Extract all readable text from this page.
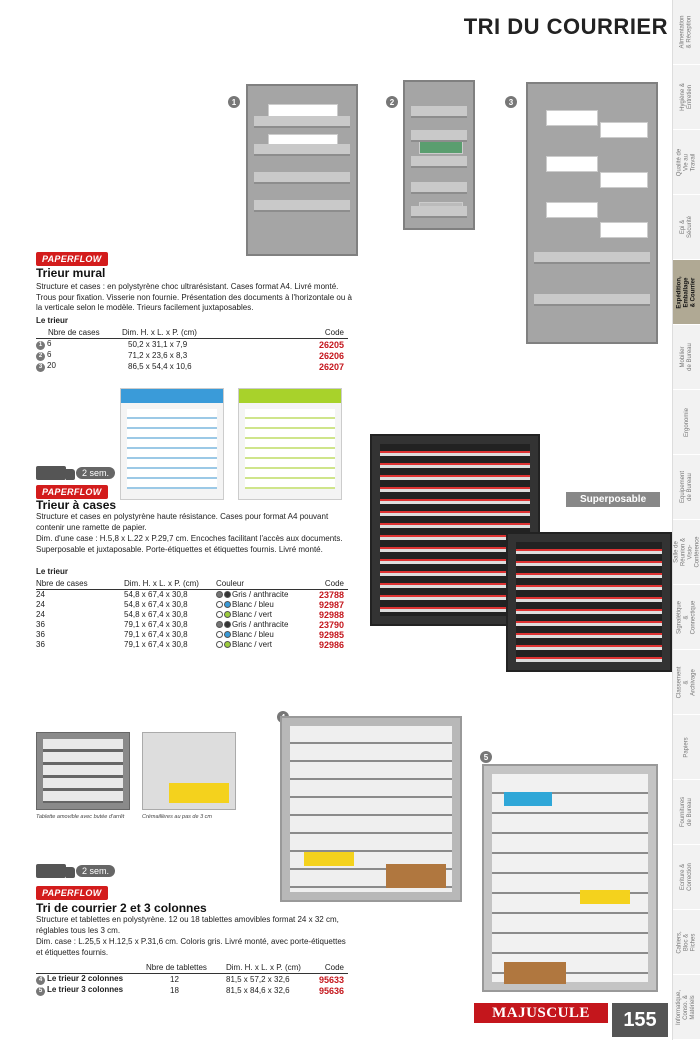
TRI DU COURRIER Alimentation & Réception
Hygiène & Entretien
Qualité de Vie au Travail
Epi & Sécurité
Expédition, Emballage & Courrier
Mobilier de Bureau
Ergonomie
Equipement de Bureau
Salle de Réunion & Visio-Conférence
Signalétique & Connectique
Classement & Archivage
Papiers
Fournitures de Bureau
Ecriture & Correction
Cahiers, Bloc & Fiches
Informatique, Conso. & Matériels
1	2	3
PAPERFLOW
Trieur mural
Structure et cases : en polystyrène choc ultrarésistant. Cases format A4. Livré monté. Trous pour fixation. Visserie non fournie. Présentation des documents à l'horizontale ou à la verticale selon le modèle. Trieurs facilement juxtaposables.
Le trieur
Nbre de cases	Dim. H. x L. x P. (cm)	Code
1 6	50,2 x 31,1 x 7,9	26205
2 6	71,2 x 23,6 x 8,3	26206
3 20	86,5 x 54,4 x 10,6	26207
Superposable
2 sem.
PAPERFLOW
Trieur à cases
Structure et cases en polystyrène haute résistance. Cases pour format A4 pouvant contenir une ramette de papier.
Dim. d'une case : H.5,8 x L.22 x P.29,7 cm. Encoches facilitant l'accès aux documents. Superposable et juxtaposable. Porte-étiquettes et étiquettes fournis. Livré monté.
Le trieur
Nbre de cases	Dim. H. x L. x P. (cm)	Couleur	Code
24	54,8 x 67,4 x 30,8	Gris / anthracite	23788
24	54,8 x 67,4 x 30,8	Blanc / bleu	92987
24	54,8 x 67,4 x 30,8	Blanc / vert	92988
36	79,1 x 67,4 x 30,8	Gris / anthracite	23790
36	79,1 x 67,4 x 30,8	Blanc / bleu	92985
36	79,1 x 67,4 x 30,8	Blanc / vert	92986
Tablette amovible avec butée d'arrêt	Crémaillères au pas de 3 cm
5
2 sem.
PAPERFLOW
Tri de courrier 2 et 3 colonnes
Structure et tablettes en polystyrène. 12 ou 18 tablettes amovibles format 24 x 32 cm, réglables tous les 3 cm.
Dim. case : L.25,5 x H.12,5 x P.31,6 cm. Coloris gris. Livré monté, avec porte-étiquettes et étiquettes fournis.
	Nbre de tablettes	Dim. H. x L. x P. (cm)	Code
4 Le trieur 2 colonnes	12	81,5 x 57,2 x 32,6	95633
5 Le trieur 3 colonnes	18	81,5 x 84,6 x 32,6	95636
MAJUSCULE	155
